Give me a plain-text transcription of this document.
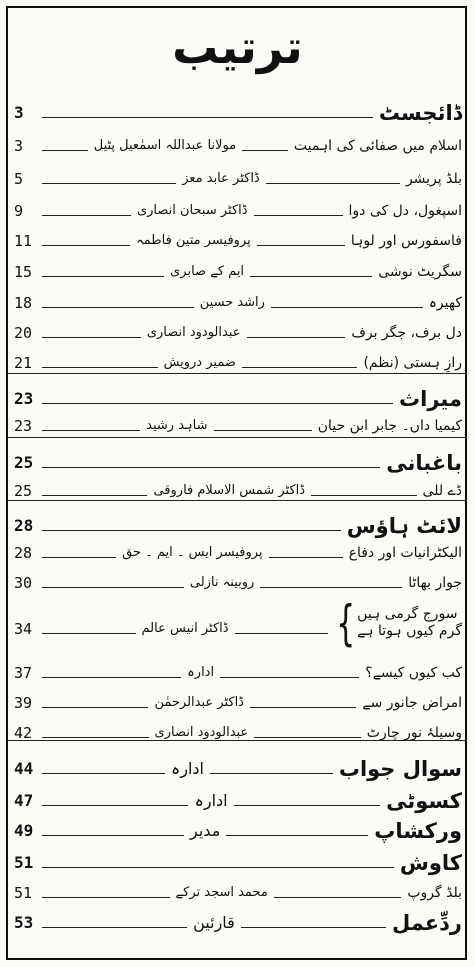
ترتیب
ڈائجسٹ
3
اسلام میں صفائی کی اہمیت
مولانا عبداللہ اسمٰعیل پٹیل
3
بلڈ پریشر
ڈاکٹر عابد معز
5
اسپغول، دل کی دوا
ڈاکٹر سبحان انصاری
9
فاسفورس اور لوہا
پروفیسر متین فاطمہ
11
سگریٹ نوشی
ایم کے صابری
15
کھیرہ
راشد حسین
18
دل برف، جگر برف
عبدالودود انصاری
20
رازِ ہستی (نظم)
ضمیر درویش
21
میراث
23
کیمیا داں۔ جابر ابن حیان
شاہد رشید
23
باغبانی
25
ڈے للی
ڈاکٹر شمس الاسلام فاروقی
25
لائٹ ہاؤس
28
الیکٹرانیات اور دفاع
پروفیسر ایس ۔ ایم ۔ حق
28
جوار بھاٹا
روبینہ نازلی
30
سورج گرمی ہیں
گرم کیوں ہوتا ہے
}
ڈاکٹر انیس عالم
34
کب کیوں کیسے؟
ادارہ
37
امراض جانور سے
ڈاکٹر عبدالرحمٰن
39
وسیلۂ نور چارٹ
عبدالودود انصاری
42
سوال جواب
ادارہ
44
کسوٹی
ادارہ
47
ورکشاپ
مدیر
49
کاوش
51
بلڈ گروپ
محمد اسجد ترکے
51
ردِّعمل
قارئین
53
